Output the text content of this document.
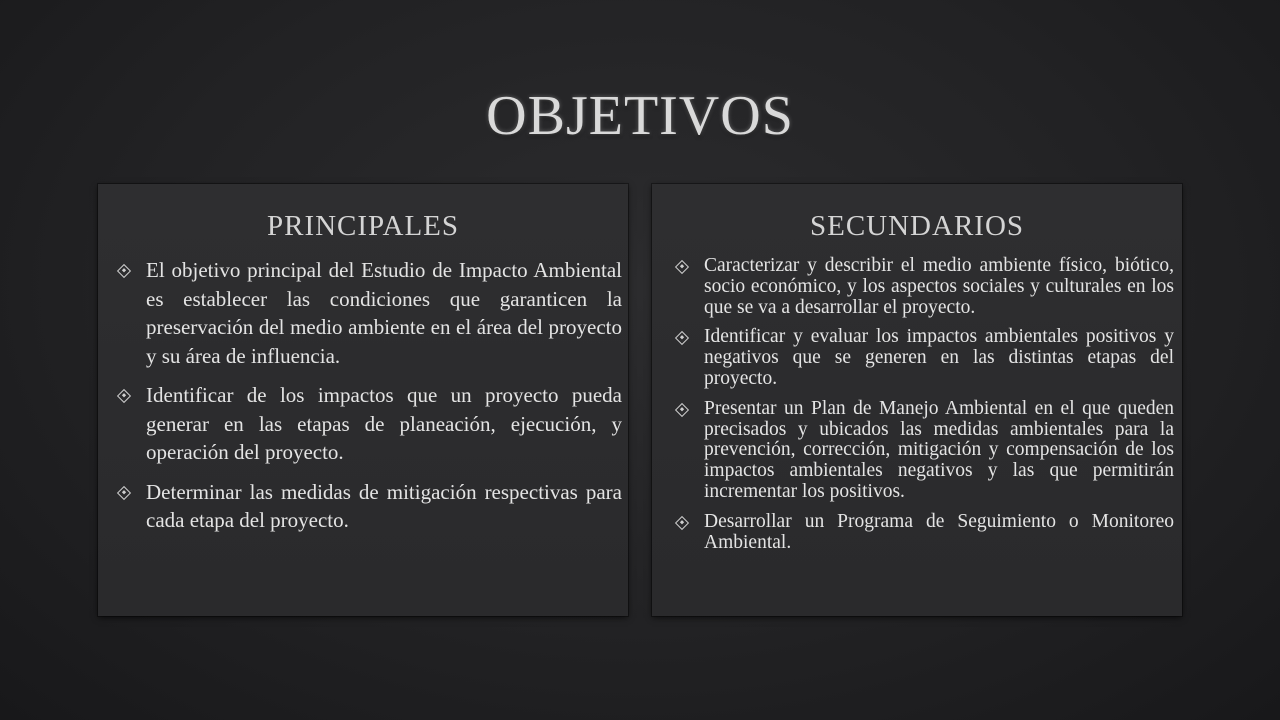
OBJETIVOS
PRINCIPALES
El objetivo principal del Estudio de Impacto Ambiental es establecer las condiciones que garanticen la preservación del medio ambiente en el área del proyecto y su área de influencia.
Identificar de los impactos que un proyecto pueda generar en las etapas de planeación, ejecución, y operación del proyecto.
Determinar las medidas de mitigación respectivas para cada etapa del proyecto.
SECUNDARIOS
Caracterizar y describir el medio ambiente físico, biótico, socio económico, y los aspectos sociales y culturales en los que se va a desarrollar el proyecto.
Identificar y evaluar los impactos ambientales positivos y negativos que se generen en las distintas etapas del proyecto.
Presentar un Plan de Manejo Ambiental en el que queden precisados y ubicados las medidas ambientales para la prevención, corrección, mitigación y compensación de los impactos ambientales negativos y las que permitirán incrementar los positivos.
Desarrollar un Programa de Seguimiento o Monitoreo Ambiental.
